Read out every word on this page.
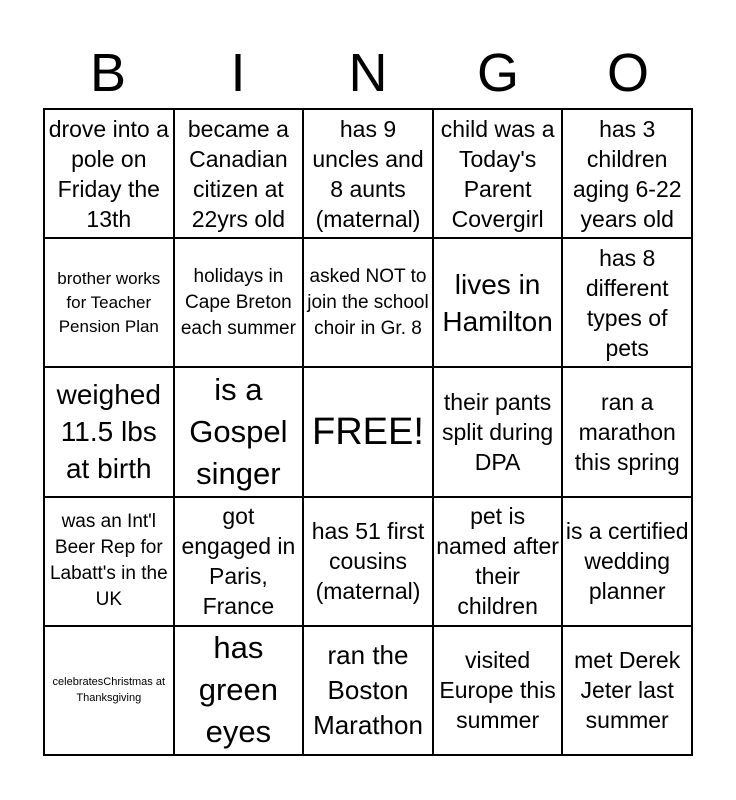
B	I	N	G	O
drove into a pole on Friday the 13th
became a Canadian citizen at 22yrs old
has 9 uncles and 8 aunts (maternal)
child was a Today's Parent Covergirl
has 3 children aging 6-22 years old
brother works for Teacher Pension Plan
holidays in Cape Breton each summer
asked NOT to join the school choir in Gr. 8
lives in Hamilton
has 8 different types of pets
weighed 11.5 lbs at birth
is a Gospel singer
FREE!
their pants split during DPA
ran a marathon this spring
was an Int'l Beer Rep for Labatt's in the UK
got engaged in Paris, France
has 51 first cousins (maternal)
pet is named after their children
is a certified wedding planner
celebratesChristmas at Thanksgiving
has green eyes
ran the Boston Marathon
visited Europe this summer
met Derek Jeter last summer
